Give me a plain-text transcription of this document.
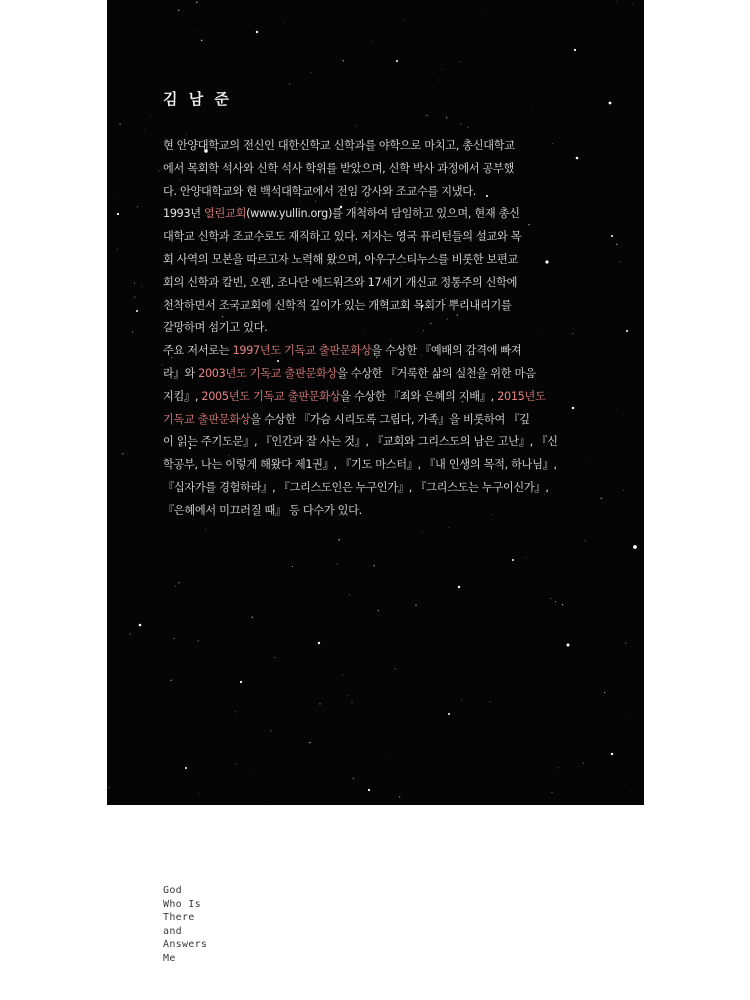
김 남 준
현 안양대학교의 전신인 대한신학교 신학과를 야학으로 마치고, 총신대학교
에서 목회학 석사와 신학 석사 학위를 받았으며, 신학 박사 과정에서 공부했
다. 안양대학교와 현 백석대학교에서 전임 강사와 조교수를 지냈다.
1993년 열린교회(www.yullin.org)를 개척하여 담임하고 있으며, 현재 총신
대학교 신학과 조교수로도 재직하고 있다. 저자는 영국 퓨리턴들의 설교와 목
회 사역의 모본을 따르고자 노력해 왔으며, 아우구스티누스를 비롯한 보편교
회의 신학과 칼빈, 오웬, 조나단 에드워즈와 17세기 개신교 정통주의 신학에
천착하면서 조국교회에 신학적 깊이가 있는 개혁교회 목회가 뿌리내리기를
갈망하며 섬기고 있다.
주요 저서로는 1997년도 기독교 출판문화상을 수상한 『예배의 감격에 빠져
라』와 2003년도 기독교 출판문화상을 수상한 『거룩한 삶의 실천을 위한 마음
지킴』, 2005년도 기독교 출판문화상을 수상한 『죄와 은혜의 지배』, 2015년도
기독교 출판문화상을 수상한 『가슴 시리도록 그립다, 가족』을 비롯하여 『깊
이 읽는 주기도문』, 『인간과 잘 사는 것』, 『교회와 그리스도의 남은 고난』, 『신
학공부, 나는 이렇게 해왔다 제1권』, 『기도 마스터』, 『내 인생의 목적, 하나님』,
『십자가를 경험하라』, 『그리스도인은 누구인가』, 『그리스도는 누구이신가』,
『은혜에서 미끄러질 때』 등 다수가 있다.
God
Who Is
There
and
Answers
Me
